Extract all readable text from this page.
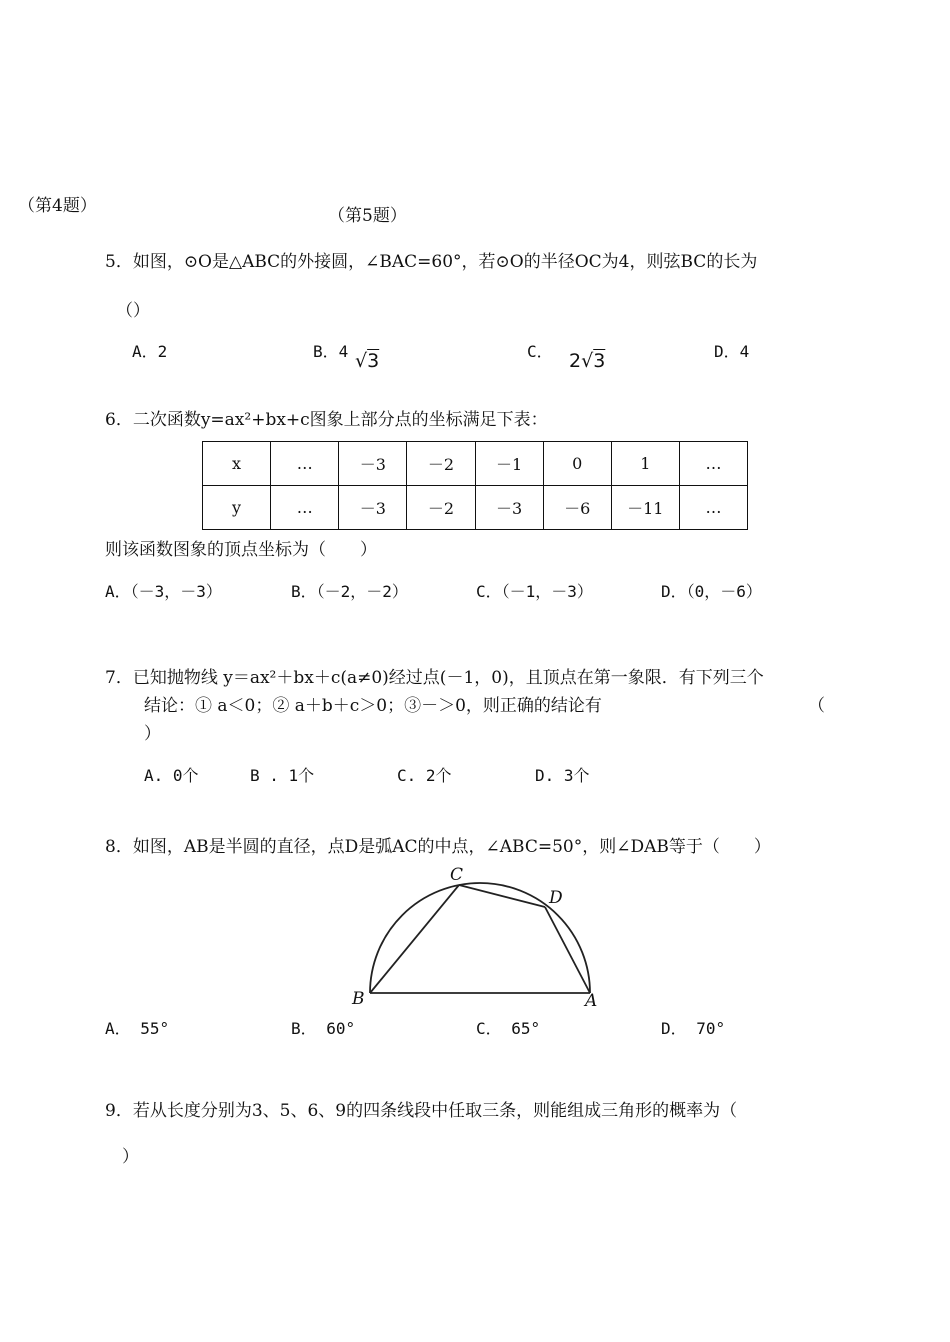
（第4题）	（第5题）
5．如图，⊙O是△ABC的外接圆，∠BAC=60°，若⊙O的半径OC为4，则弦BC的长为
（）
A．2	B．4 √3	C． 2√3	D．4
6．二次函数y=ax²+bx+c图象上部分点的坐标满足下表：
x	…	－3	－2	－1	0	1	…
y	…	－3	－2	－3	－6	－11	…
则该函数图象的顶点坐标为（　　）
A．（－3，－3）	B．（－2，－2）	C．（－1，－3）	D．（0，－6）
7．已知抛物线 y＝ax²＋bx＋c(a≠0)经过点(－1，0)，且顶点在第一象限．有下列三个
结论：① a＜0；② a＋b＋c＞0；③－＞0，则正确的结论有	（
）
A. 0个	B . 1个	C. 2个	D. 3个
8．如图，AB是半圆的直径，点D是弧AC的中点，∠ABC=50°，则∠DAB等于（　　）
C
D
B	A
A． 55°	B． 60°	C． 65°	D． 70°
9．若从长度分别为3、5、6、9的四条线段中任取三条，则能组成三角形的概率为（
）
